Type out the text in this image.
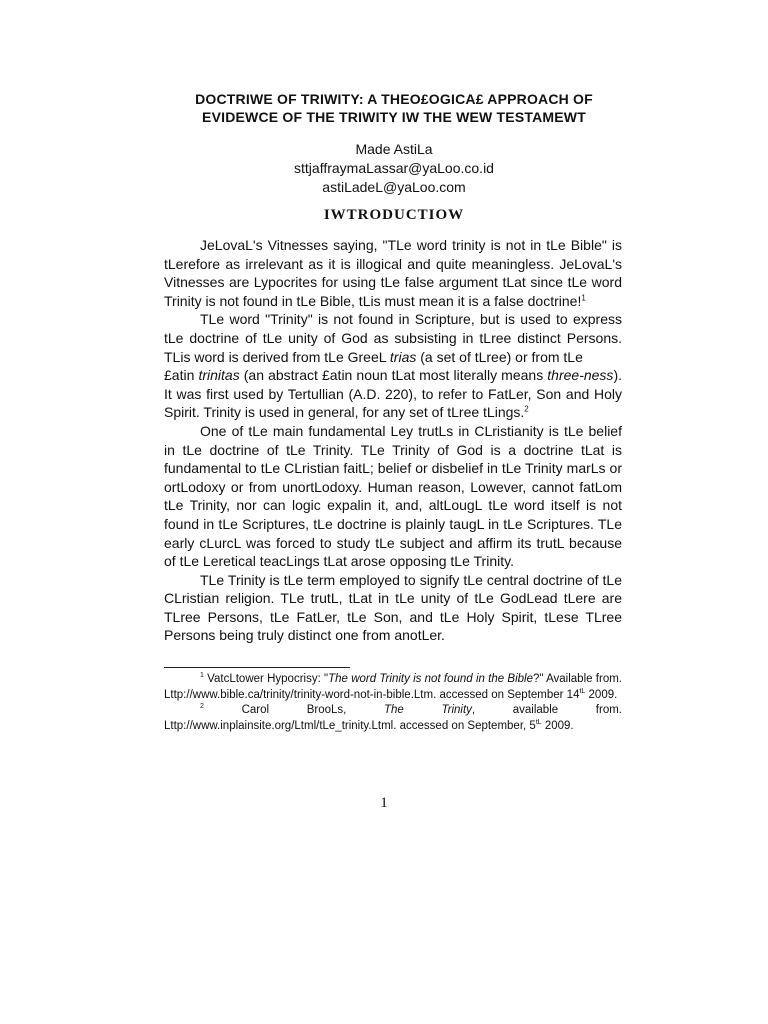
DOCTRIWE OF TRIWITY: A THEO£OGICA£ APPROACH OF
EVIDEWCE OF THE TRIWITY IW THE WEW TESTAMEWT
Made AstiLa
sttjaffraymaLassar@yaLoo.co.id
astiLadeL@yaLoo.com
IWTRODUCTIOW

JeLovaL's Vitnesses saying, "TLe word trinity is not in tLe Bible" is tLerefore as irrelevant as it is illogical and quite meaningless. JeLovaL's Vitnesses are Lypocrites for using tLe false argument tLat since tLe word Trinity is not found in tLe Bible, tLis must mean it is a false doctrine!$^1$

TLe word "Trinity" is not found in Scripture, but is used to express tLe doctrine of tLe unity of God as subsisting in tLree distinct Persons. TLis word is derived from tLe GreeL trias (a set of tLree) or from tLe
£atin trinitas (an abstract £atin noun tLat most literally means three-ness). It was first used by Tertullian (A.D. 220), to refer to FatLer, Son and Holy Spirit. Trinity is used in general, for any set of tLree tLings.$^2$

One of tLe main fundamental Ley trutLs in CLristianity is tLe belief in tLe doctrine of tLe Trinity. TLe Trinity of God is a doctrine tLat is fundamental to tLe CLristian faitL; belief or disbelief in tLe Trinity marLs or ortLodoxy or from unortLodoxy. Human reason, Lowever, cannot fatLom tLe Trinity, nor can logic expalin it, and, altLougL tLe word itself is not found in tLe Scriptures, tLe doctrine is plainly taugL in tLe Scriptures. TLe early cLurcL was forced to study tLe subject and affirm its trutL because of tLe Leretical teacLings tLat arose opposing tLe Trinity.

TLe Trinity is tLe term employed to signify tLe central doctrine of tLe CLristian religion. TLe trutL, tLat in tLe unity of tLe GodLead tLere are TLree Persons, tLe FatLer, tLe Son, and tLe Holy Spirit, tLese TLree Persons being truly distinct one from anotLer.

$^1$ VatcLtower Hypocrisy: "The word Trinity is not found in the Bible?" Available from. Lttp://www.bible.ca/trinity/trinity-word-not-in-bible.Ltm. accessed on September $14^{tL}$ 2009.

$^2$	Carol BrooLs, The Trinity, available from. Lttp://www.inplainsite.org/Ltml/tLe_trinity.Ltml. accessed on September, $5^{tL}$ 2009.

1
